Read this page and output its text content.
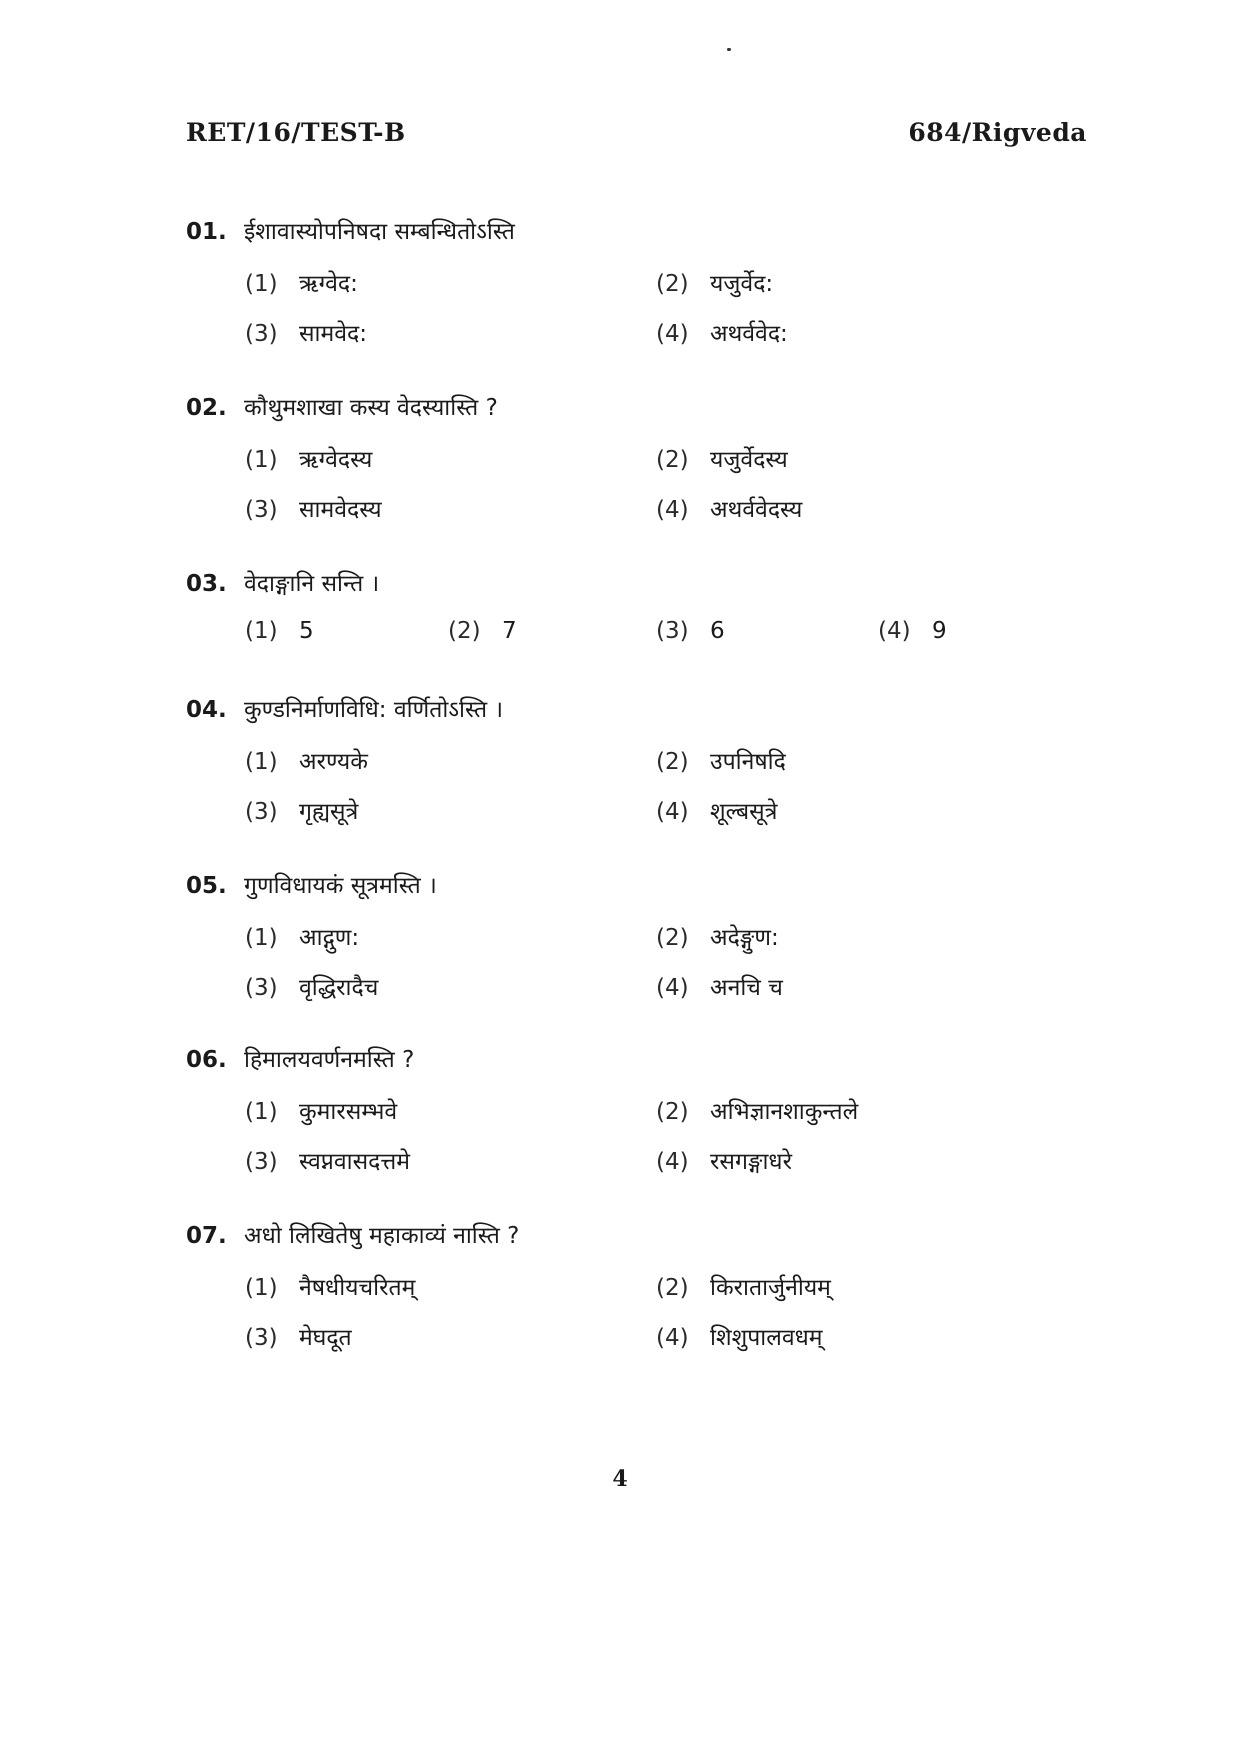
RET/16/TEST-B	684/Rigveda
01. ईशावास्योपनिषदा सम्बन्धितोऽस्ति
(1) ऋग्वेद:	(2) यजुर्वेद:
(3) सामवेद:	(4) अथर्ववेद:
02. कौथुमशाखा कस्य वेदस्यास्ति ?
(1) ऋग्वेदस्य	(2) यजुर्वेदस्य
(3) सामवेदस्य	(4) अथर्ववेदस्य
03. वेदाङ्गानि सन्ति ।
(1) 5	(2) 7	(3) 6	(4) 9
04. कुण्डनिर्माणविधि: वर्णितोऽस्ति ।
(1) अरण्यके	(2) उपनिषदि
(3) गृह्यसूत्रे	(4) शूल्बसूत्रे
05. गुणविधायकं सूत्रमस्ति ।
(1) आद्गुण:	(2) अदेङ्गुण:
(3) वृद्धिरादैच	(4) अनचि च
06. हिमालयवर्णनमस्ति ?
(1) कुमारसम्भवे	(2) अभिज्ञानशाकुन्तले
(3) स्वप्नवासदत्तमे	(4) रसगङ्गाधरे
07. अधो लिखितेषु महाकाव्यं नास्ति ?
(1) नैषधीयचरितम्	(2) किरातार्जुनीयम्
(3) मेघदूत	(4) शिशुपालवधम्
4
